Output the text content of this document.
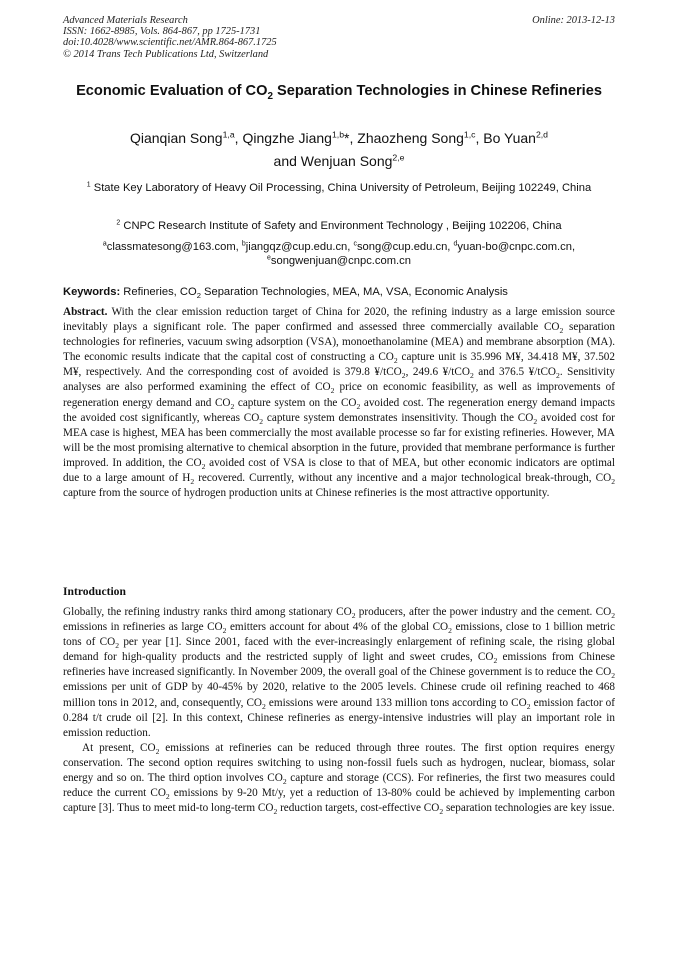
Advanced Materials Research
ISSN: 1662-8985, Vols. 864-867, pp 1725-1731
doi:10.4028/www.scientific.net/AMR.864-867.1725
© 2014 Trans Tech Publications Ltd, Switzerland
Online: 2013-12-13
Economic Evaluation of $CO_2$ Separation Technologies in Chinese Refineries
Qianqian Song$^{1,a}$, Qingzhe Jiang$^{1,b}$*, Zhaozheng Song$^{1,c}$, Bo Yuan$^{2,d}$
and Wenjuan Song$^{2,e}$
$^1$ State Key Laboratory of Heavy Oil Processing, China University of Petroleum, Beijing 102249, China
$^2$ CNPC Research Institute of Safety and Environment Technology , Beijing 102206, China
$^a$classmatesong@163.com, $^b$jiangqz@cup.edu.cn, $^c$song@cup.edu.cn, $^d$yuan-bo@cnpc.com.cn,
$^e$songwenjuan@cnpc.com.cn
Keywords: Refineries, $CO_2$ Separation Technologies, MEA, MA, VSA, Economic Analysis
Abstract. With the clear emission reduction target of China for 2020, the refining industry as a large emission source inevitably plays a significant role. The paper confirmed and assessed three commercially available $CO_2$ separation technologies for refineries, vacuum swing adsorption (VSA), monoethanolamine (MEA) and membrane absorption (MA). The economic results indicate that the capital cost of constructing a $CO_2$ capture unit is 35.996 M¥, 34.418 M¥, 37.502 M¥, respectively. And the corresponding cost of avoided is 379.8 ¥/tCO$_2$, 249.6 ¥/tCO$_2$ and 376.5 ¥/tCO$_2$. Sensitivity analyses are also performed examining the effect of $CO_2$ price on economic feasibility, as well as improvements of regeneration energy demand and $CO_2$ capture system on the $CO_2$ avoided cost. The regeneration energy demand impacts the avoided cost significantly, whereas $CO_2$ capture system demonstrates insensitivity. Though the $CO_2$ avoided cost for MEA case is highest, MEA has been commercially the most available processe so far for existing refineries. However, MA will be the most promising alternative to chemical absorption in the future, provided that membrane performance is further improved. In addition, the $CO_2$ avoided cost of VSA is close to that of MEA, but other economic indicators are optimal due to a large amount of $H_2$ recovered. Currently, without any incentive and a major technological break-through, $CO_2$ capture from the source of hydrogen production units at Chinese refineries is the most attractive opportunity.
Introduction

Globally, the refining industry ranks third among stationary $CO_2$ producers, after the power industry and the cement. $CO_2$ emissions in refineries as large $CO_2$ emitters account for about 4% of the global $CO_2$ emissions, close to 1 billion metric tons of $CO_2$ per year [1]. Since 2001, faced with the ever-increasingly enlargement of refining scale, the rising global demand for high-quality products and the restricted supply of light and sweet crudes, $CO_2$ emissions from Chinese refineries have increased significantly. In November 2009, the overall goal of the Chinese government is to reduce the $CO_2$ emissions per unit of GDP by 40-45% by 2020, relative to the 2005 levels. Chinese crude oil refining reached to 468 million tons in 2012, and, consequently, $CO_2$ emissions were around 133 million tons according to $CO_2$ emission factor of 0.284 t/t crude oil [2]. In this context, Chinese refineries as energy-intensive industries will play an important role in emission reduction.

At present, $CO_2$ emissions at refineries can be reduced through three routes. The first option requires energy conservation. The second option requires switching to using non-fossil fuels such as hydrogen, nuclear, biomass, solar energy and so on. The third option involves $CO_2$ capture and storage (CCS). For refineries, the first two measures could reduce the current $CO_2$ emissions by 9-20 Mt/y, yet a reduction of 13-80% could be achieved by implementing carbon capture [3]. Thus to meet mid-to long-term $CO_2$ reduction targets, cost-effective $CO_2$ separation technologies are key issue.
